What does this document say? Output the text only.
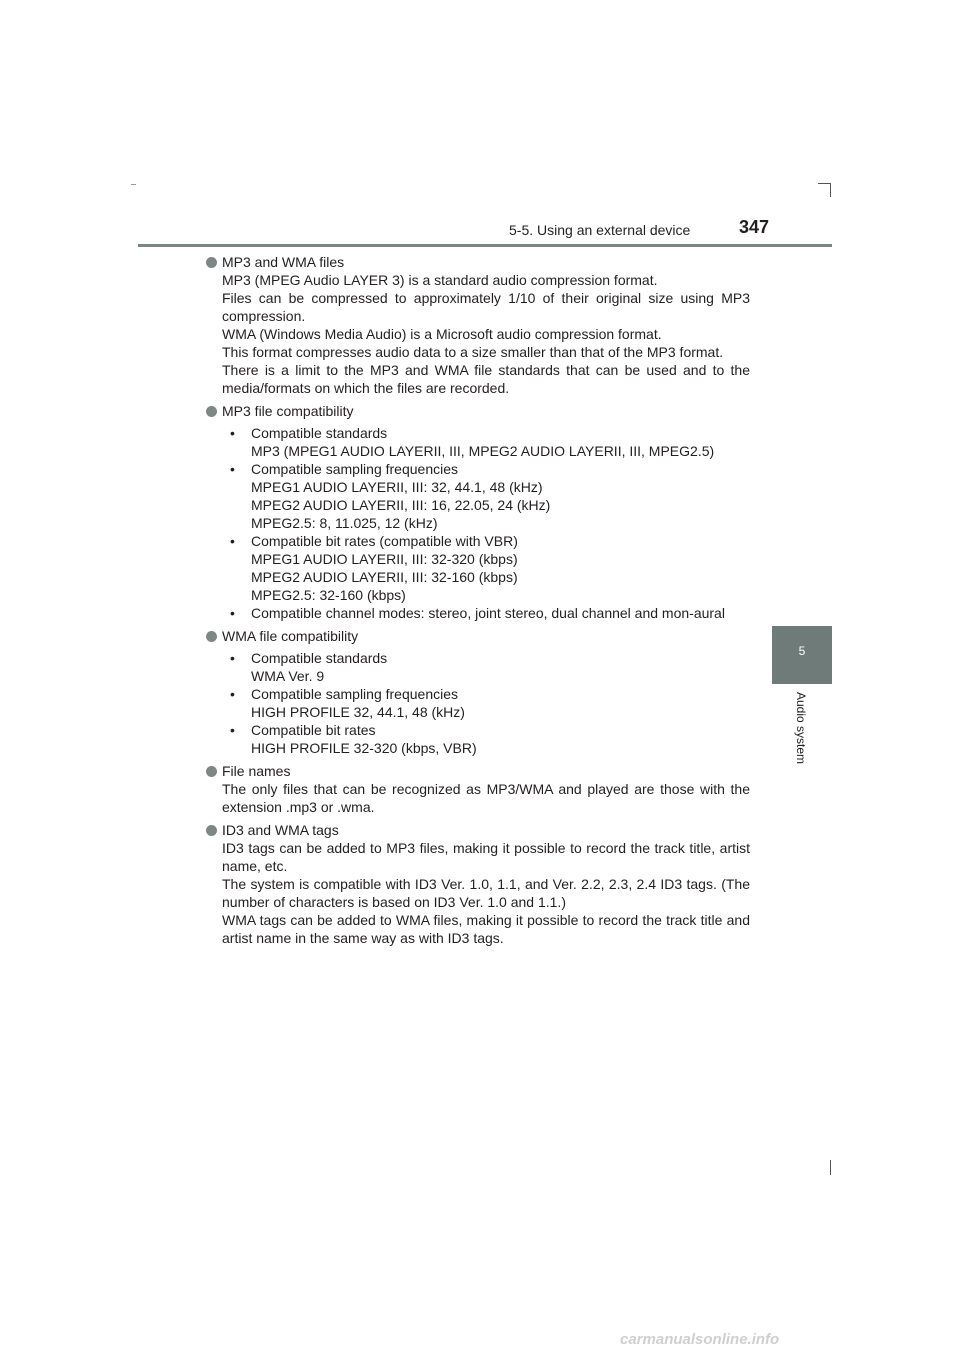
5-5. Using an external device	347
5
Audio system
MP3 and WMA files
MP3 (MPEG Audio LAYER 3) is a standard audio compression format.
Files can be compressed to approximately 1/10 of their original size using MP3 compression.
WMA (Windows Media Audio) is a Microsoft audio compression format.
This format compresses audio data to a size smaller than that of the MP3 format.
There is a limit to the MP3 and WMA file standards that can be used and to the media/formats on which the files are recorded.
MP3 file compatibility
• Compatible standards
MP3 (MPEG1 AUDIO LAYERII, III, MPEG2 AUDIO LAYERII, III, MPEG2.5)
• Compatible sampling frequencies
MPEG1 AUDIO LAYERII, III: 32, 44.1, 48 (kHz)
MPEG2 AUDIO LAYERII, III: 16, 22.05, 24 (kHz)
MPEG2.5: 8, 11.025, 12 (kHz)
• Compatible bit rates (compatible with VBR)
MPEG1 AUDIO LAYERII, III: 32-320 (kbps)
MPEG2 AUDIO LAYERII, III: 32-160 (kbps)
MPEG2.5: 32-160 (kbps)
• Compatible channel modes: stereo, joint stereo, dual channel and mon-aural
WMA file compatibility
• Compatible standards
WMA Ver. 9
• Compatible sampling frequencies
HIGH PROFILE 32, 44.1, 48 (kHz)
• Compatible bit rates
HIGH PROFILE 32-320 (kbps, VBR)
File names
The only files that can be recognized as MP3/WMA and played are those with the extension .mp3 or .wma.
ID3 and WMA tags
ID3 tags can be added to MP3 files, making it possible to record the track title, artist name, etc.
The system is compatible with ID3 Ver. 1.0, 1.1, and Ver. 2.2, 2.3, 2.4 ID3 tags. (The number of characters is based on ID3 Ver. 1.0 and 1.1.)
WMA tags can be added to WMA files, making it possible to record the track title and artist name in the same way as with ID3 tags.
carmanualsonline.info
